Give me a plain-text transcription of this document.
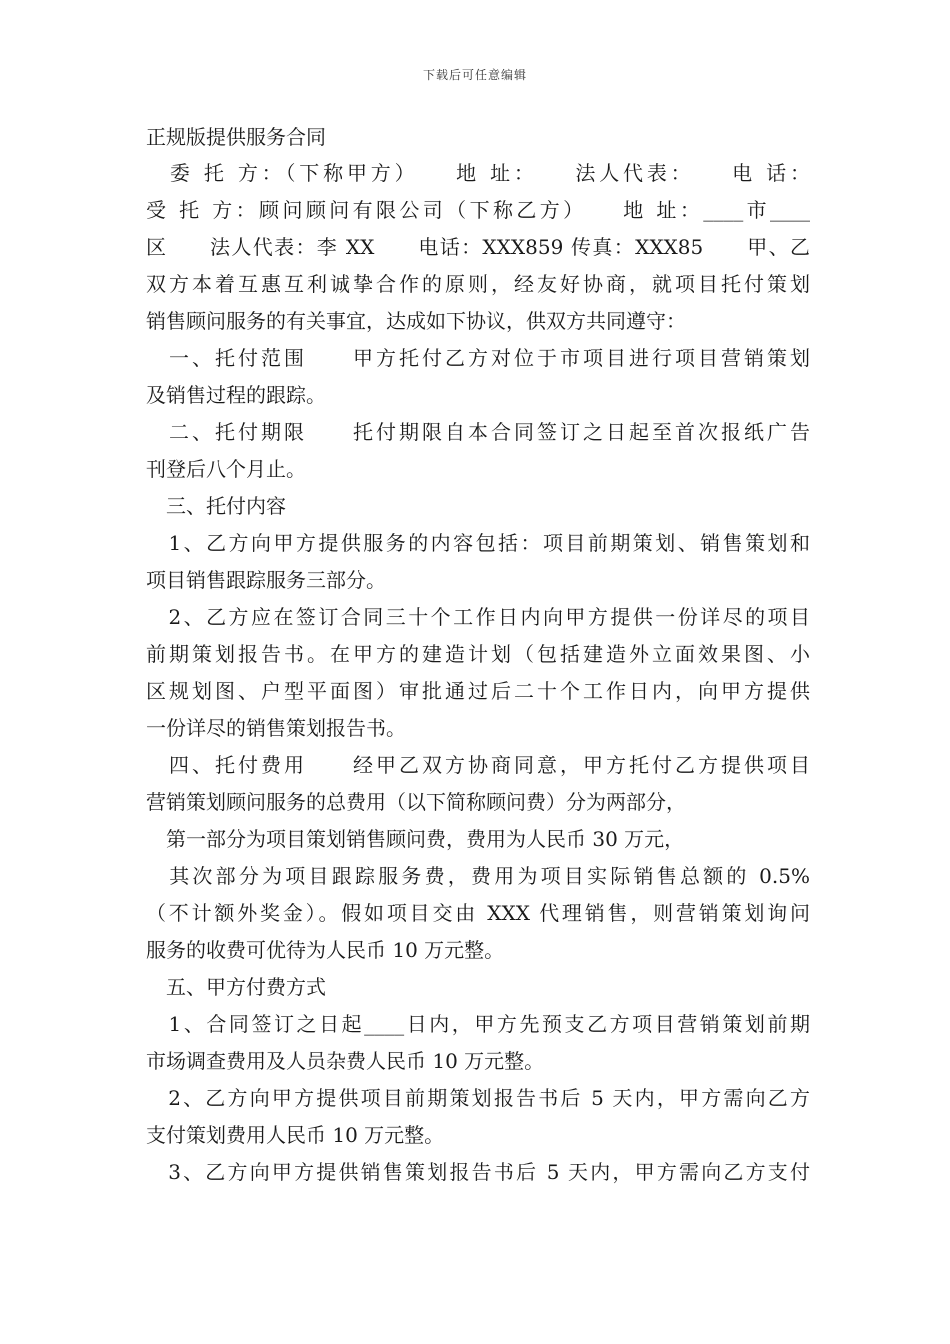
下载后可任意编辑
正规版提供服务合同
　委 托 方：（下称甲方）　　地 址：　　法人代表：　　电 话：
受 托 方：顾问顾问有限公司（下称乙方）　　地 址：____市____
区　　法人代表：李 XX　　电话：XXX859 传真：XXX85　　甲、乙
双方本着互惠互利诚挚合作的原则，经友好协商，就项目托付策划
销售顾问服务的有关事宜，达成如下协议，供双方共同遵守：
　一、托付范围　　甲方托付乙方对位于市项目进行项目营销策划
及销售过程的跟踪。
　二、托付期限　　托付期限自本合同签订之日起至首次报纸广告
刊登后八个月止。
　三、托付内容
　1、乙方向甲方提供服务的内容包括：项目前期策划、销售策划和
项目销售跟踪服务三部分。
　2、乙方应在签订合同三十个工作日内向甲方提供一份详尽的项目
前期策划报告书。在甲方的建造计划（包括建造外立面效果图、小
区规划图、户型平面图）审批通过后二十个工作日内，向甲方提供
一份详尽的销售策划报告书。
　四、托付费用　　经甲乙双方协商同意，甲方托付乙方提供项目
营销策划顾问服务的总费用（以下简称顾问费）分为两部分，
　第一部分为项目策划销售顾问费，费用为人民币 30 万元，
　其次部分为项目跟踪服务费，费用为项目实际销售总额的 0.5%
（不计额外奖金）。假如项目交由 XXX 代理销售，则营销策划询问
服务的收费可优待为人民币 10 万元整。
　五、甲方付费方式
　1、合同签订之日起____日内，甲方先预支乙方项目营销策划前期
市场调查费用及人员杂费人民币 10 万元整。
　2、乙方向甲方提供项目前期策划报告书后 5 天内，甲方需向乙方
支付策划费用人民币 10 万元整。
　3、乙方向甲方提供销售策划报告书后 5 天内，甲方需向乙方支付
